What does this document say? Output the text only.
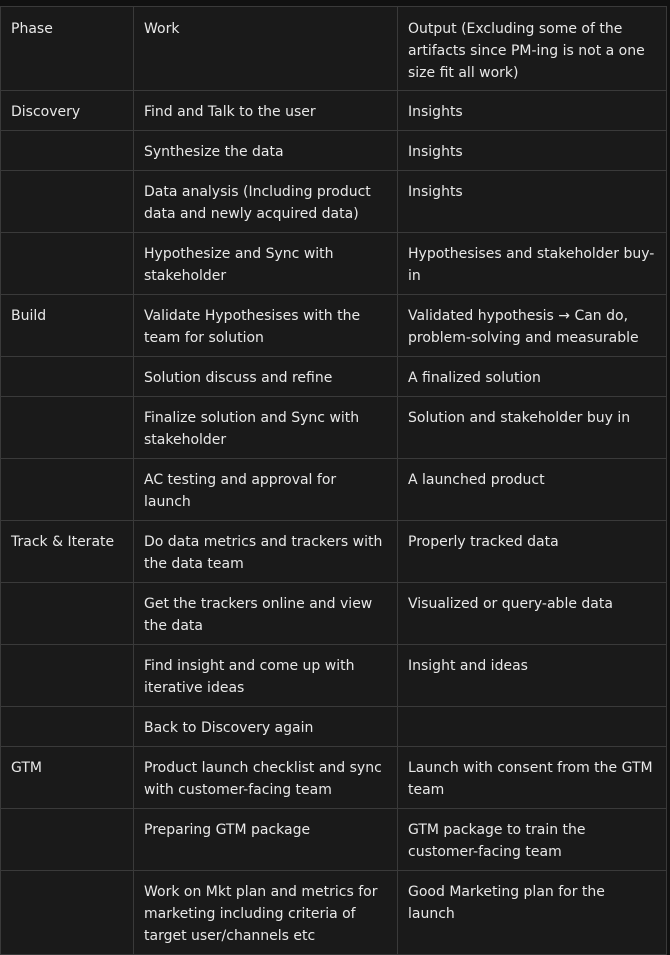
Phase	Work	Output (Excluding some of the artifacts since PM-ing is not a one size fit all work)
Discovery	Find and Talk to the user	Insights
	Synthesize the data	Insights
	Data analysis (Including product data and newly acquired data)	Insights
	Hypothesize and Sync with stakeholder	Hypothesises and stakeholder buy-in
Build	Validate Hypothesises with the team for solution	Validated hypothesis → Can do, problem-solving and measurable
	Solution discuss and refine	A finalized solution
	Finalize solution and Sync with stakeholder	Solution and stakeholder buy in
	AC testing and approval for launch	A launched product
Track & Iterate	Do data metrics and trackers with the data team	Properly tracked data
	Get the trackers online and view the data	Visualized or query-able data
	Find insight and come up with iterative ideas	Insight and ideas
	Back to Discovery again	
GTM	Product launch checklist and sync with customer-facing team	Launch with consent from the GTM team
	Preparing GTM package	GTM package to train the customer-facing team
	Work on Mkt plan and metrics for marketing including criteria of target user/channels etc	Good Marketing plan for the launch
